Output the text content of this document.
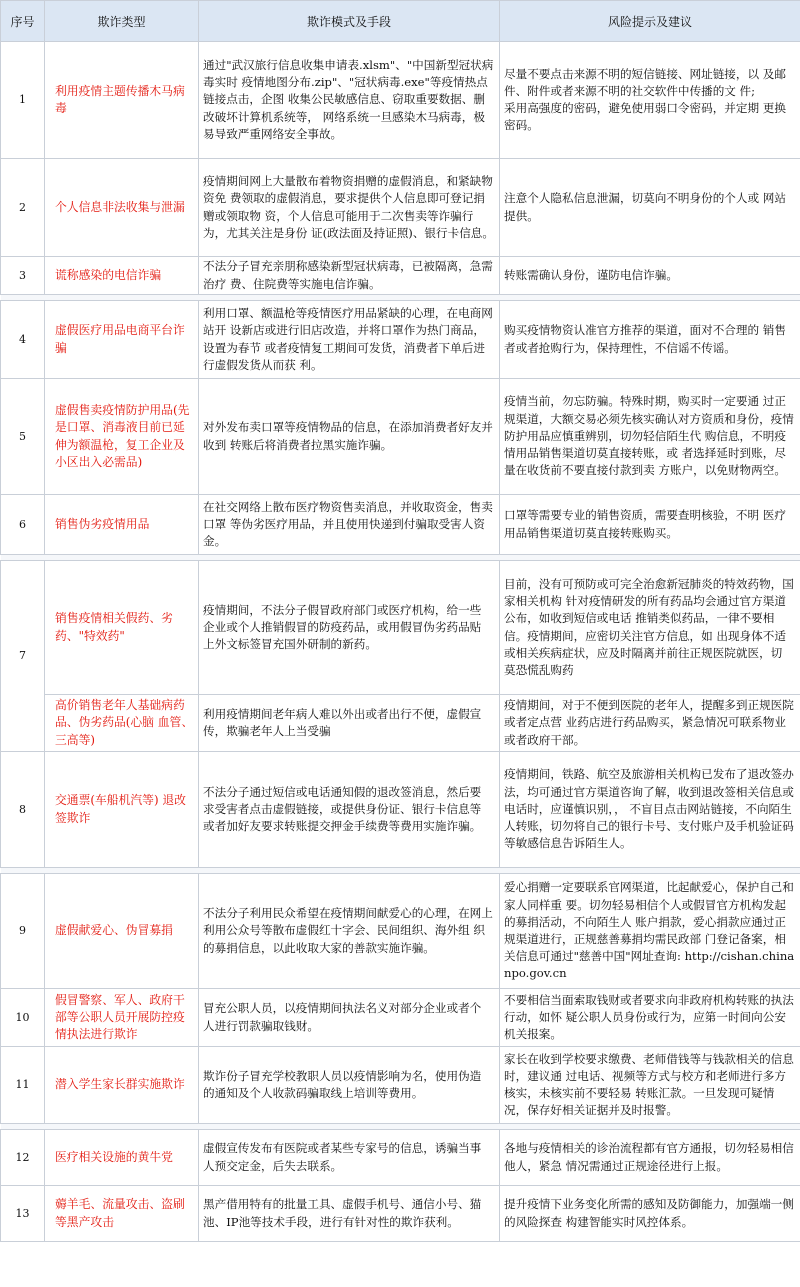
序号	欺诈类型	欺诈模式及手段	风险提示及建议
1	利用疫情主题传播木马病毒	通过"武汉旅行信息收集申请表.xlsm"、"中国新型冠状病毒实时 疫情地图分布.zip"、"冠状病毒.exe"等疫情热点链接点击，企图 收集公民敏感信息、窃取重要数据、删改破坏计算机系统等， 网络系统一旦感染木马病毒，极易导致严重网络安全事故。	尽量不要点击来源不明的短信链接、网址链接，以 及邮件、附件或者来源不明的社交软件中传播的文 件;
采用高强度的密码，避免使用弱口令密码，并定期 更换密码。
2	个人信息非法收集与泄漏	疫情期间网上大量散布着物资捐赠的虚假消息，和紧缺物资免 费领取的虚假消息，要求提供个人信息即可登记捐赠或领取物 资，个人信息可能用于二次售卖等诈骗行为，尤其关注是身份 证(政法面及持证照)、银行卡信息。	注意个人隐私信息泄漏，切莫向不明身份的个人或 网站提供。
3	谎称感染的电信诈骗	不法分子冒充亲朋称感染新型冠状病毒，已被隔离，急需治疗 费、住院费等实施电信诈骗。	转账需确认身份，谨防电信诈骗。

4	虚假医疗用品电商平台诈骗	利用口罩、额温枪等疫情医疗用品紧缺的心理，在电商网站开 设新店或进行旧店改造，并将口罩作为热门商品，设置为春节 或者疫情复工期间可发货，消费者下单后进行虚假发货从而获 利。	购买疫情物资认准官方推荐的渠道，面对不合理的 销售者或者抢购行为，保持理性，不信谣不传谣。
5	虚假售卖疫情防护用品(先是口罩、消毒液目前已延伸为额温枪，复工企业及小区出入必需品)	对外发布卖口罩等疫情物品的信息，在添加消费者好友并收到 转账后将消费者拉黑实施诈骗。	疫情当前，勿忘防骗。特殊时期，购买时一定要通 过正规渠道，大额交易必须先核实确认对方资质和身份，疫情防护用品应慎重辨别，切勿轻信陌生代 购信息，不明疫情用品销售渠道切莫直接转账，或 者选择延时到账，尽量在收货前不要直接付款到卖 方账户，以免财物两空。
6	销售伪劣疫情用品	在社交网络上散布医疗物资售卖消息，并收取资金，售卖口罩 等伪劣医疗用品，并且使用快递到付骗取受害人资金。	口罩等需要专业的销售资质，需要查明核验，不明 医疗用品销售渠道切莫直接转账购买。

7	销售疫情相关假药、劣药、"特效药"	疫情期间，不法分子假冒政府部门或医疗机构，给一些 企业或个人推销假冒的防疫药品，或用假冒伪劣药品贴 上外文标签冒充国外研制的新药。	目前，没有可预防或可完全治愈新冠肺炎的特效药物，国家相关机构 针对疫情研发的所有药品均会通过官方渠道公布，如收到短信或电话 推销类似药品，一律不要相信。疫情期间，应密切关注官方信息，如 出现身体不适或相关疾病症状，应及时隔离并前往正规医院就医，切 莫恐慌乱购药
	高价销售老年人基础病药品、伪劣药品(心脑 血管、三高等)	利用疫情期间老年病人难以外出或者出行不便，虚假宣 传，欺骗老年人上当受骗	疫情期间，对于不便到医院的老年人，提醒多到正规医院或者定点营 业药店进行药品购买，紧急情况可联系物业或者政府干部。
8	交通票(车船机汽等) 退改签欺诈	不法分子通过短信或电话通知假的退改签消息，然后要 求受害者点击虚假链接，或提供身份证、银行卡信息等 或者加好友要求转账提交押金手续费等费用实施诈骗。	疫情期间，铁路、航空及旅游相关机构已发布了退改签办法，均可通过官方渠道咨询了解，收到退改签相关信息或电话时，应谨慎识别，， 不盲目点击网站链接，不向陌生人转账，切勿将自己的银行卡号、支付账户及手机验证码等敏感信息告诉陌生人。

9	虚假献爱心、伪冒募捐	不法分子利用民众希望在疫情期间献爱心的心理，在网上利用公众号等散布虚假红十字会、民间组织、海外组 织的募捐信息，以此收取大家的善款实施诈骗。	爱心捐赠一定要联系官网渠道，比起献爱心，保护自己和家人同样重 要。切勿轻易相信个人或假冒官方机构发起的募捐活动，不向陌生人 账户捐款，爱心捐款应通过正规渠道进行，正规慈善募捐均需民政部 门登记备案，相关信息可通过"慈善中国"网址查询: http://cishan.chinanpo.gov.cn
10	假冒警察、军人、政府干部等公职人员开展防控疫情执法进行欺诈	冒充公职人员，以疫情期间执法名义对部分企业或者个 人进行罚款骗取钱财。	不要相信当面索取钱财或者要求向非政府机构转账的执法行动，如怀 疑公职人员身份或行为，应第一时间向公安机关报案。
11	潜入学生家长群实施欺诈	欺诈份子冒充学校教职人员以疫情影响为名，使用伪造 的通知及个人收款码骗取线上培训等费用。	家长在收到学校要求缴费、老师借钱等与钱款相关的信息时，建议通 过电话、视频等方式与校方和老师进行多方核实，未核实前不要轻易 转账汇款。一旦发现可疑情况，保存好相关证据并及时报警。

12	医疗相关设施的黄牛党	虚假宣传发布有医院或者某些专家号的信息，诱骗当事 人预交定金，后失去联系。	各地与疫情相关的诊治流程都有官方通报，切勿轻易相信他人，紧急 情况需通过正规途径进行上报。
13	薅羊毛、流量攻击、盗刷等黑产攻击	黑产借用特有的批量工具、虚假手机号、通信小号、猫 池、IP池等技术手段，进行有针对性的欺诈获利。	提升疫情下业务变化所需的感知及防御能力，加强端一侧的风险探查 构建智能实时风控体系。
